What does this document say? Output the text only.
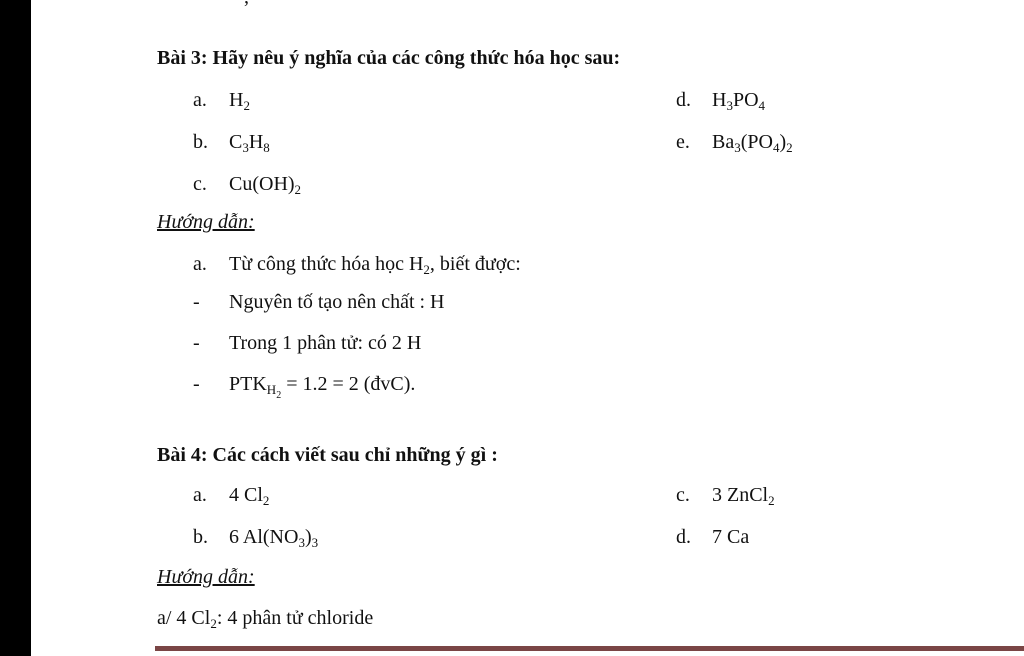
Bài 3: Hãy nêu ý nghĩa của các công thức hóa học sau:
a. $H_2$
b. $C_3H_8$
c. $Cu(OH)_2$
d. $H_3PO_4$
e. $Ba_3(PO_4)_2$
Hướng dẫn:
a. Từ công thức hóa học $H_2$, biết được:
- Nguyên tố tạo nên chất : H
- Trong 1 phân tử: có 2 H
- $PTK_{H_2} = 1.2 = 2$ (đvC).
Bài 4: Các cách viết sau chỉ những ý gì :
a. 4 $Cl_2$
b. 6 $Al(NO_3)_3$
c. 3 ZnCl$_2$
d. 7 Ca
Hướng dẫn:
a/ 4 $Cl_2$: 4 phân tử chloride
